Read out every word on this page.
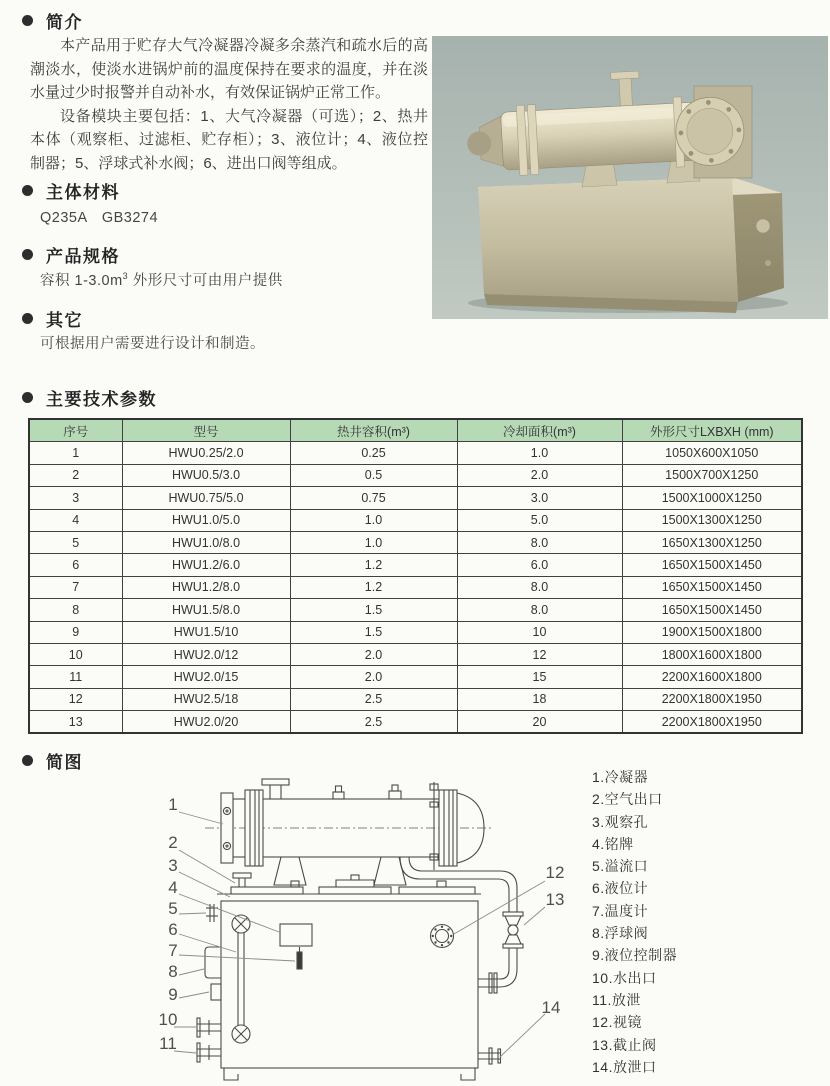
简介

本产品用于贮存大气冷凝器冷凝多余蒸汽和疏水后的高潮淡水，使淡水进锅炉前的温度保持在要求的温度，并在淡水量过少时报警并自动补水，有效保证锅炉正常工作。

设备模块主要包括：1、大气冷凝器（可选）；2、热井本体（观察柜、过滤柜、贮存柜）；3、液位计；4、液位控制器；5、浮球式补水阀；6、进出口阀等组成。

主体材料
Q235A　GB3274
产品规格
容积 $1-3.0m^3$ 外形尺寸可由用户提供
其它
可根据用户需要进行设计和制造。
主要技术参数
序号	型号	热井容积(m³)	冷却面积(m³)	外形尺寸LXBXH (mm)
1	HWU0.25/2.0	0.25	1.0	1050X600X1050
2	HWU0.5/3.0	0.5	2.0	1500X700X1250
3	HWU0.75/5.0	0.75	3.0	1500X1000X1250
4	HWU1.0/5.0	1.0	5.0	1500X1300X1250
5	HWU1.0/8.0	1.0	8.0	1650X1300X1250
6	HWU1.2/6.0	1.2	6.0	1650X1500X1450
7	HWU1.2/8.0	1.2	8.0	1650X1500X1450
8	HWU1.5/8.0	1.5	8.0	1650X1500X1450
9	HWU1.5/10	1.5	10	1900X1500X1800
10	HWU2.0/12	2.0	12	1800X1600X1800
11	HWU2.0/15	2.0	15	2200X1600X1800
12	HWU2.5/18	2.5	18	2200X1800X1950
13	HWU2.0/20	2.5	20	2200X1800X1950
简图
1
2
3
4
5
6
7
8
9
10
11
12
13
14
1.冷凝器
2.空气出口
3.观察孔
4.铭牌
5.溢流口
6.液位计
7.温度计
8.浮球阀
9.液位控制器
10.水出口
11.放泄
12.视镜
13.截止阀
14.放泄口
